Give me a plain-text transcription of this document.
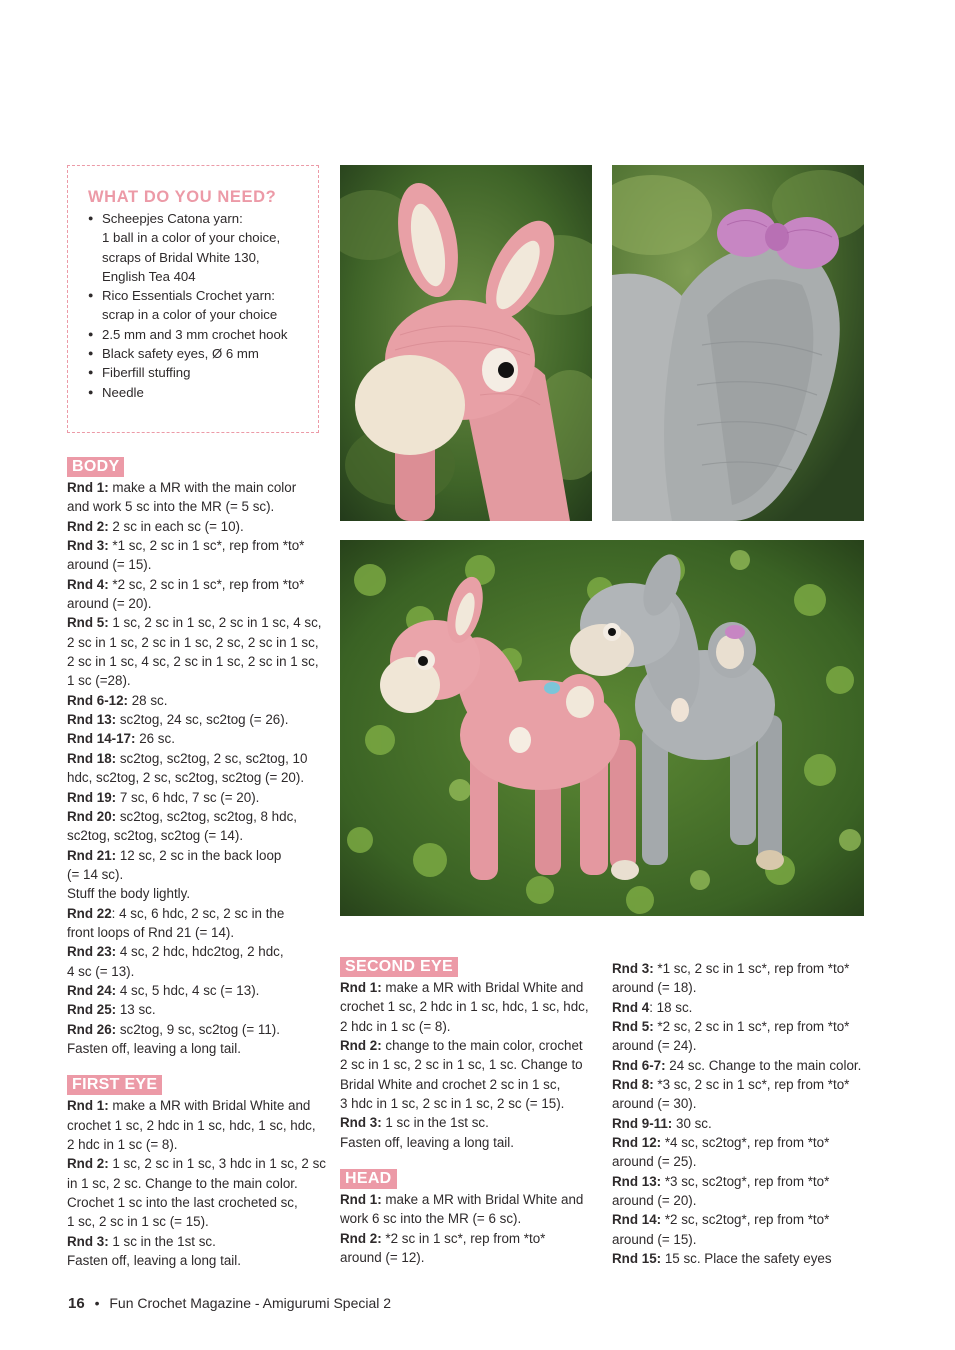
WHAT DO YOU NEED?
● Scheepjes Catona yarn:
1 ball in a color of your choice,
scraps of Bridal White 130,
English Tea 404
● Rico Essentials Crochet yarn:
scrap in a color of your choice
● 2.5 mm and 3 mm crochet hook
● Black safety eyes, Ø 6 mm
● Fiberfill stuffing
● Needle
BODY

Rnd 1: make a MR with the main color

and work 5 sc into the MR (= 5 sc).

Rnd 2: 2 sc in each sc (= 10).

Rnd 3: *1 sc, 2 sc in 1 sc*, rep from *to*

around (= 15).

Rnd 4: *2 sc, 2 sc in 1 sc*, rep from *to*

around (= 20).

Rnd 5: 1 sc, 2 sc in 1 sc, 2 sc in 1 sc, 4 sc,

2 sc in 1 sc, 2 sc in 1 sc, 2 sc, 2 sc in 1 sc,

2 sc in 1 sc, 4 sc, 2 sc in 1 sc, 2 sc in 1 sc,

1 sc (=28).

Rnd 6-12: 28 sc.

Rnd 13: sc2tog, 24 sc, sc2tog (= 26).

Rnd 14-17: 26 sc.

Rnd 18: sc2tog, sc2tog, 2 sc, sc2tog, 10

hdc, sc2tog, 2 sc, sc2tog, sc2tog (= 20).

Rnd 19: 7 sc, 6 hdc, 7 sc (= 20).

Rnd 20: sc2tog, sc2tog, sc2tog, 8 hdc,

sc2tog, sc2tog, sc2tog (= 14).

Rnd 21: 12 sc, 2 sc in the back loop

(= 14 sc).

Stuff the body lightly.

Rnd 22: 4 sc, 6 hdc, 2 sc, 2 sc in the

front loops of Rnd 21 (= 14).

Rnd 23: 4 sc, 2 hdc, hdc2tog, 2 hdc,

4 sc (= 13).

Rnd 24: 4 sc, 5 hdc, 4 sc (= 13).

Rnd 25: 13 sc.

Rnd 26: sc2tog, 9 sc, sc2tog (= 11).

Fasten off, leaving a long tail.

FIRST EYE

Rnd 1: make a MR with Bridal White and

crochet 1 sc, 2 hdc in 1 sc, hdc, 1 sc, hdc,

2 hdc in 1 sc (= 8).

Rnd 2: 1 sc, 2 sc in 1 sc, 3 hdc in 1 sc, 2 sc

in 1 sc, 2 sc. Change to the main color.

Crochet 1 sc into the last crocheted sc,

1 sc, 2 sc in 1 sc (= 15).

Rnd 3: 1 sc in the 1st sc.

Fasten off, leaving a long tail.

SECOND EYE

Rnd 1: make a MR with Bridal White and

crochet 1 sc, 2 hdc in 1 sc, hdc, 1 sc, hdc,

2 hdc in 1 sc (= 8).

Rnd 2: change to the main color, crochet

2 sc in 1 sc, 2 sc in 1 sc, 1 sc. Change to

Bridal White and crochet 2 sc in 1 sc,

3 hdc in 1 sc, 2 sc in 1 sc, 2 sc (= 15).

Rnd 3: 1 sc in the 1st sc.

Fasten off, leaving a long tail.

HEAD

Rnd 1: make a MR with Bridal White and

work 6 sc into the MR (= 6 sc).

Rnd 2: *2 sc in 1 sc*, rep from *to*

around (= 12).

Rnd 3: *1 sc, 2 sc in 1 sc*, rep from *to*

around (= 18).

Rnd 4: 18 sc.

Rnd 5: *2 sc, 2 sc in 1 sc*, rep from *to*

around (= 24).

Rnd 6-7: 24 sc. Change to the main color.

Rnd 8: *3 sc, 2 sc in 1 sc*, rep from *to*

around (= 30).

Rnd 9-11: 30 sc.

Rnd 12: *4 sc, sc2tog*, rep from *to*

around (= 25).

Rnd 13: *3 sc, sc2tog*, rep from *to*

around (= 20).

Rnd 14: *2 sc, sc2tog*, rep from *to*

around (= 15).

Rnd 15: 15 sc. Place the safety eyes

16 • Fun Crochet Magazine - Amigurumi Special 2
